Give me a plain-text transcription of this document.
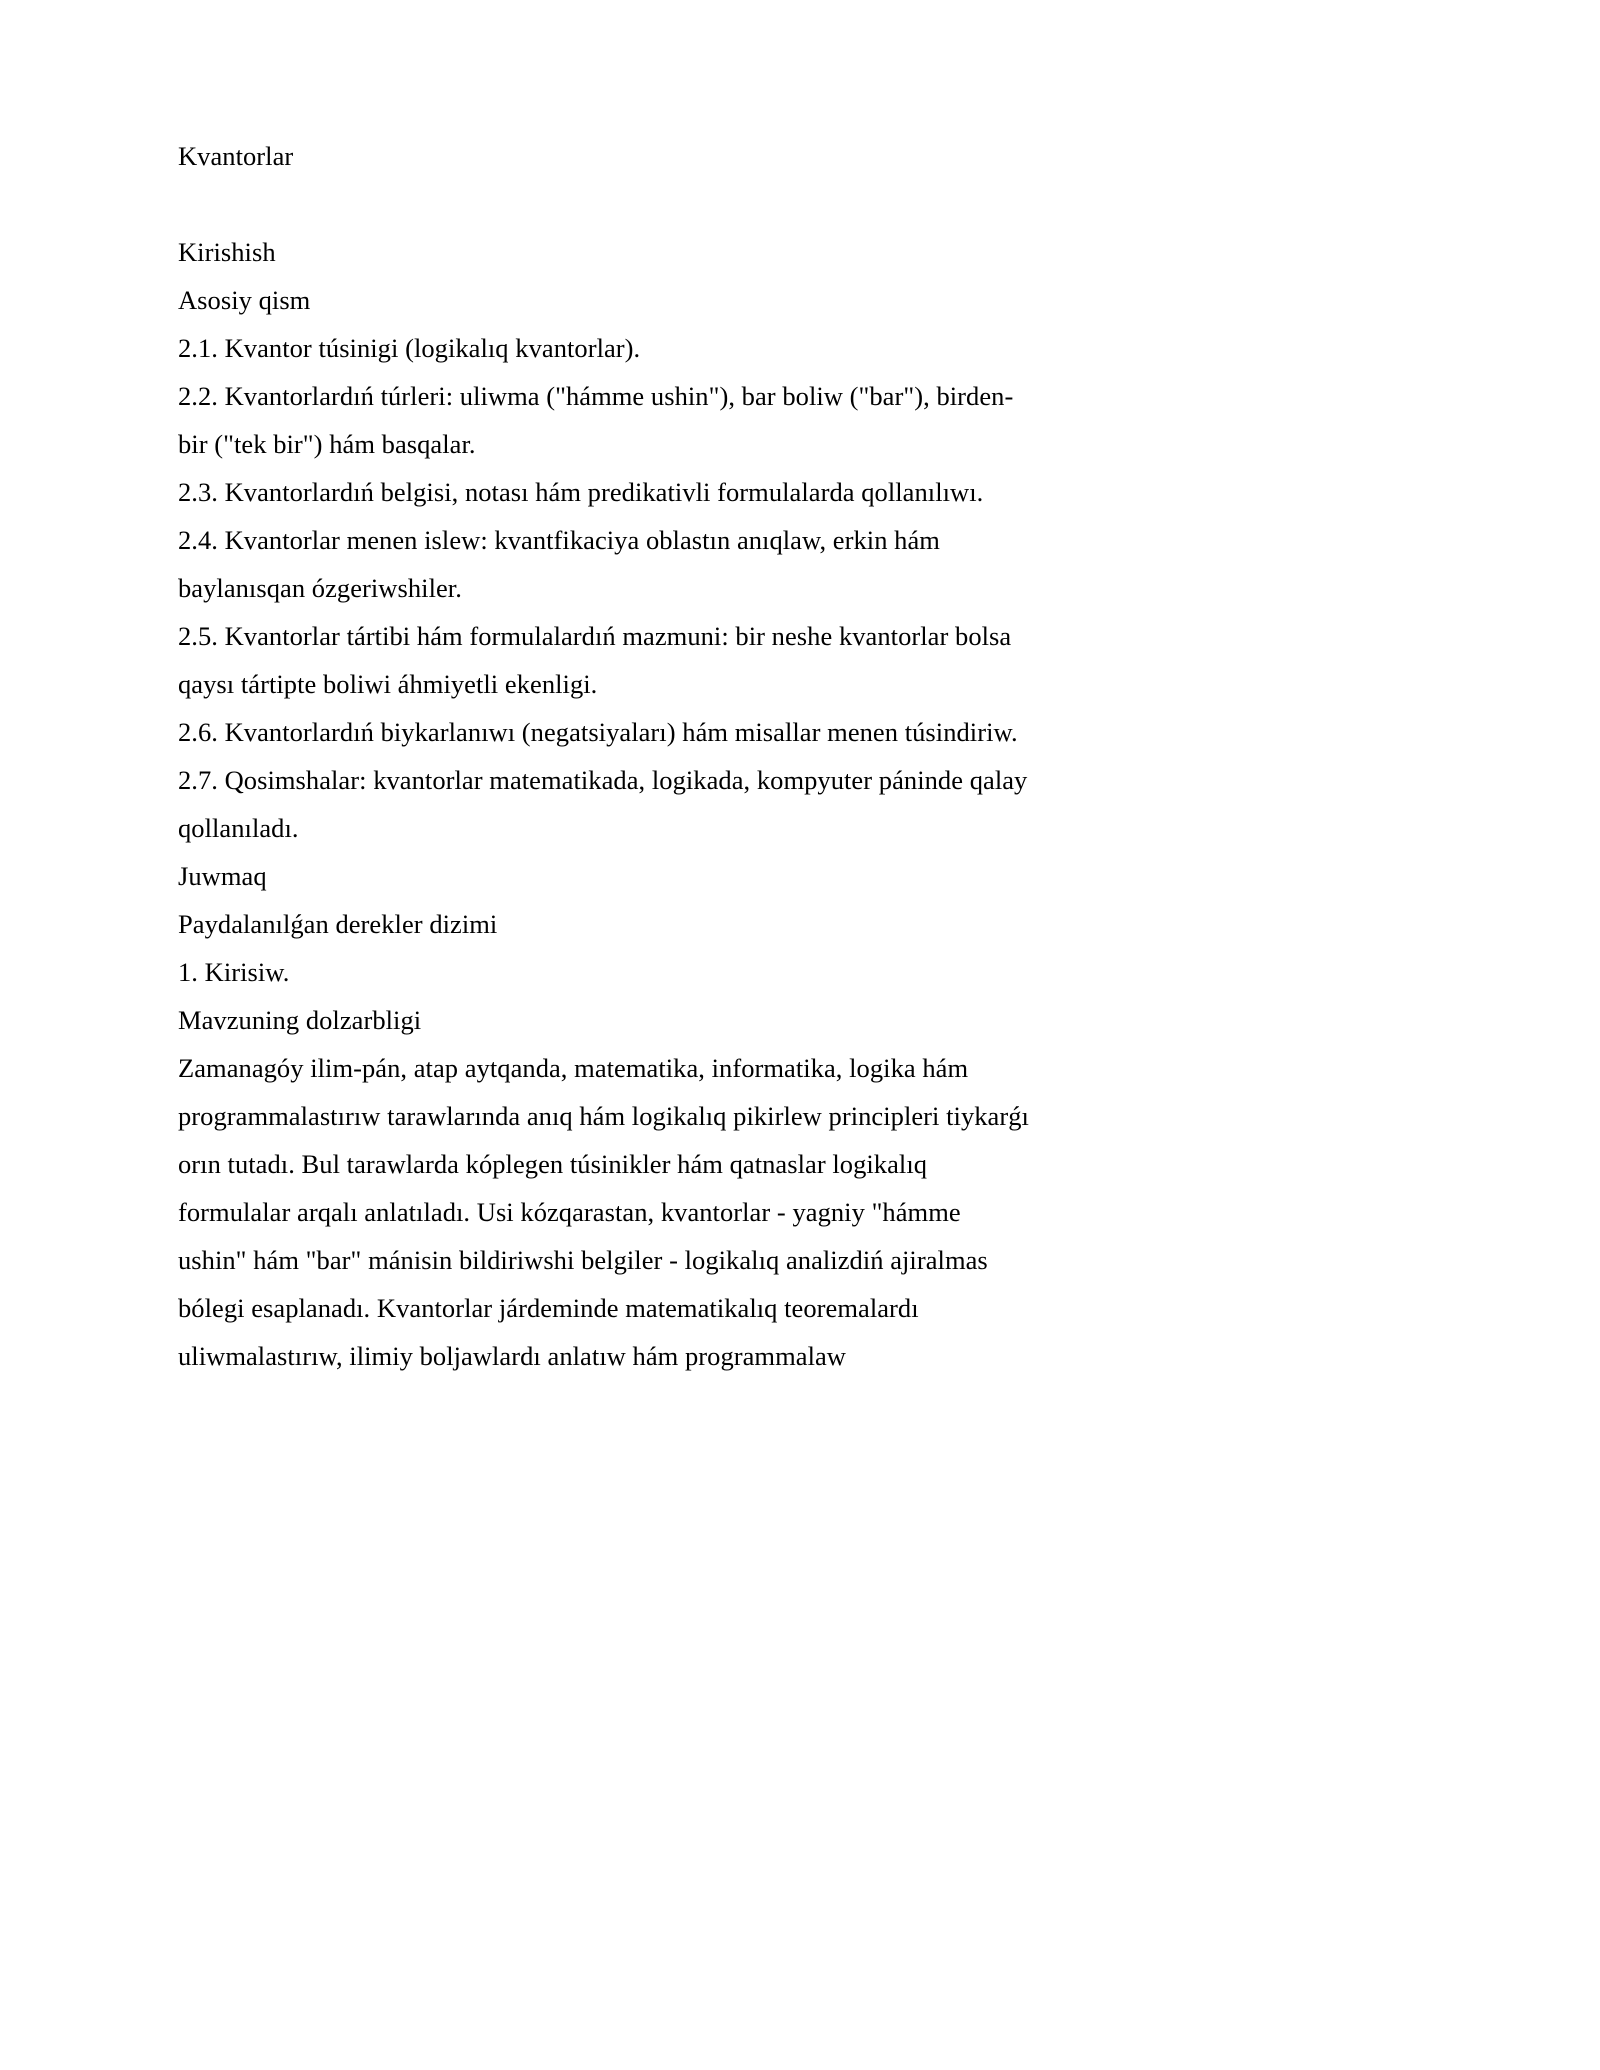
Kvantorlar
Kirishish
Asosiy qism
2.1. Kvantor túsinigi (logikalıq kvantorlar).
2.2. Kvantorlardıń túrleri: uliwma ("hámme ushin"), bar boliw ("bar"), birden-bir ("tek bir") hám basqalar.
2.3. Kvantorlardıń belgisi, notası hám predikativli formulalarda qollanılıwı.
2.4. Kvantorlar menen islew: kvantfikaciya oblastın anıqlaw, erkin hám baylanısqan ózgeriwshiler.
2.5. Kvantorlar tártibi hám formulalardıń mazmuni: bir neshe kvantorlar bolsa qaysı tártipte boliwi áhmiyetli ekenligi.
2.6. Kvantorlardıń biykarlanıwı (negatsiyaları) hám misallar menen túsindiriw.
2.7. Qosimshalar: kvantorlar matematikada, logikada, kompyuter páninde qalay qollanıladı.
Juwmaq
Paydalanılǵan derekler dizimi
1. Kirisiw.
Mavzuning dolzarbligi

Zamanagóy ilim-pán, atap aytqanda, matematika, informatika, logika hám programmalastırıw tarawlarında anıq hám logikalıq pikirlew principleri tiykarǵı orın tutadı. Bul tarawlarda kóplegen túsinikler hám qatnaslar logikalıq formulalar arqalı anlatıladı. Usi kózqarastan, kvantorlar - yagniy "hámme ushin" hám "bar" mánisin bildiriwshi belgiler - logikalıq analizdiń ajiralmas bólegi esaplanadı. Kvantorlar járdeminde matematikalıq teoremalardı uliwmalastırıw, ilimiy boljawlardı anlatıw hám programmalaw
